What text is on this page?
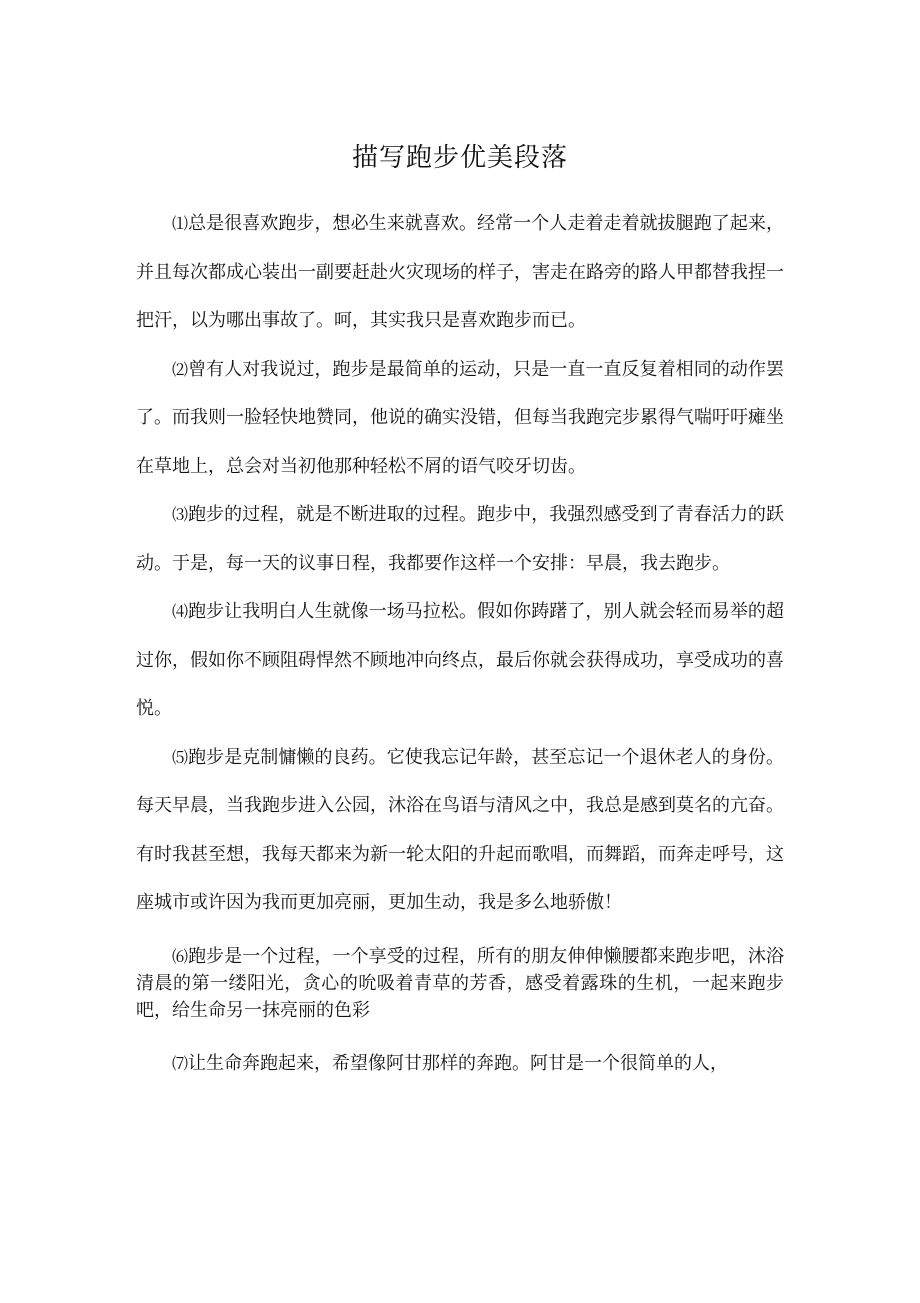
描写跑步优美段落

⑴总是很喜欢跑步，想必生来就喜欢。经常一个人走着走着就拔腿跑了起来，并且每次都成心装出一副要赶赴火灾现场的样子，害走在路旁的路人甲都替我捏一把汗，以为哪出事故了。呵，其实我只是喜欢跑步而已。

⑵曾有人对我说过，跑步是最简单的运动，只是一直一直反复着相同的动作罢了。而我则一脸轻快地赞同，他说的确实没错，但每当我跑完步累得气喘吁吁瘫坐在草地上，总会对当初他那种轻松不屑的语气咬牙切齿。

⑶跑步的过程，就是不断进取的过程。跑步中，我强烈感受到了青春活力的跃动。于是，每一天的议事日程，我都要作这样一个安排：早晨，我去跑步。

⑷跑步让我明白人生就像一场马拉松。假如你踌躇了，别人就会轻而易举的超过你，假如你不顾阻碍悍然不顾地冲向终点，最后你就会获得成功，享受成功的喜悦。

⑸跑步是克制慵懒的良药。它使我忘记年龄，甚至忘记一个退休老人的身份。每天早晨，当我跑步进入公园，沐浴在鸟语与清风之中，我总是感到莫名的亢奋。有时我甚至想，我每天都来为新一轮太阳的升起而歌唱，而舞蹈，而奔走呼号，这座城市或许因为我而更加亮丽，更加生动，我是多么地骄傲！

⑹跑步是一个过程，一个享受的过程，所有的朋友伸伸懒腰都来跑步吧，沐浴清晨的第一缕阳光，贪心的吮吸着青草的芳香，感受着露珠的生机，一起来跑步吧，给生命另一抹亮丽的色彩

⑺让生命奔跑起来，希望像阿甘那样的奔跑。阿甘是一个很简单的人，
